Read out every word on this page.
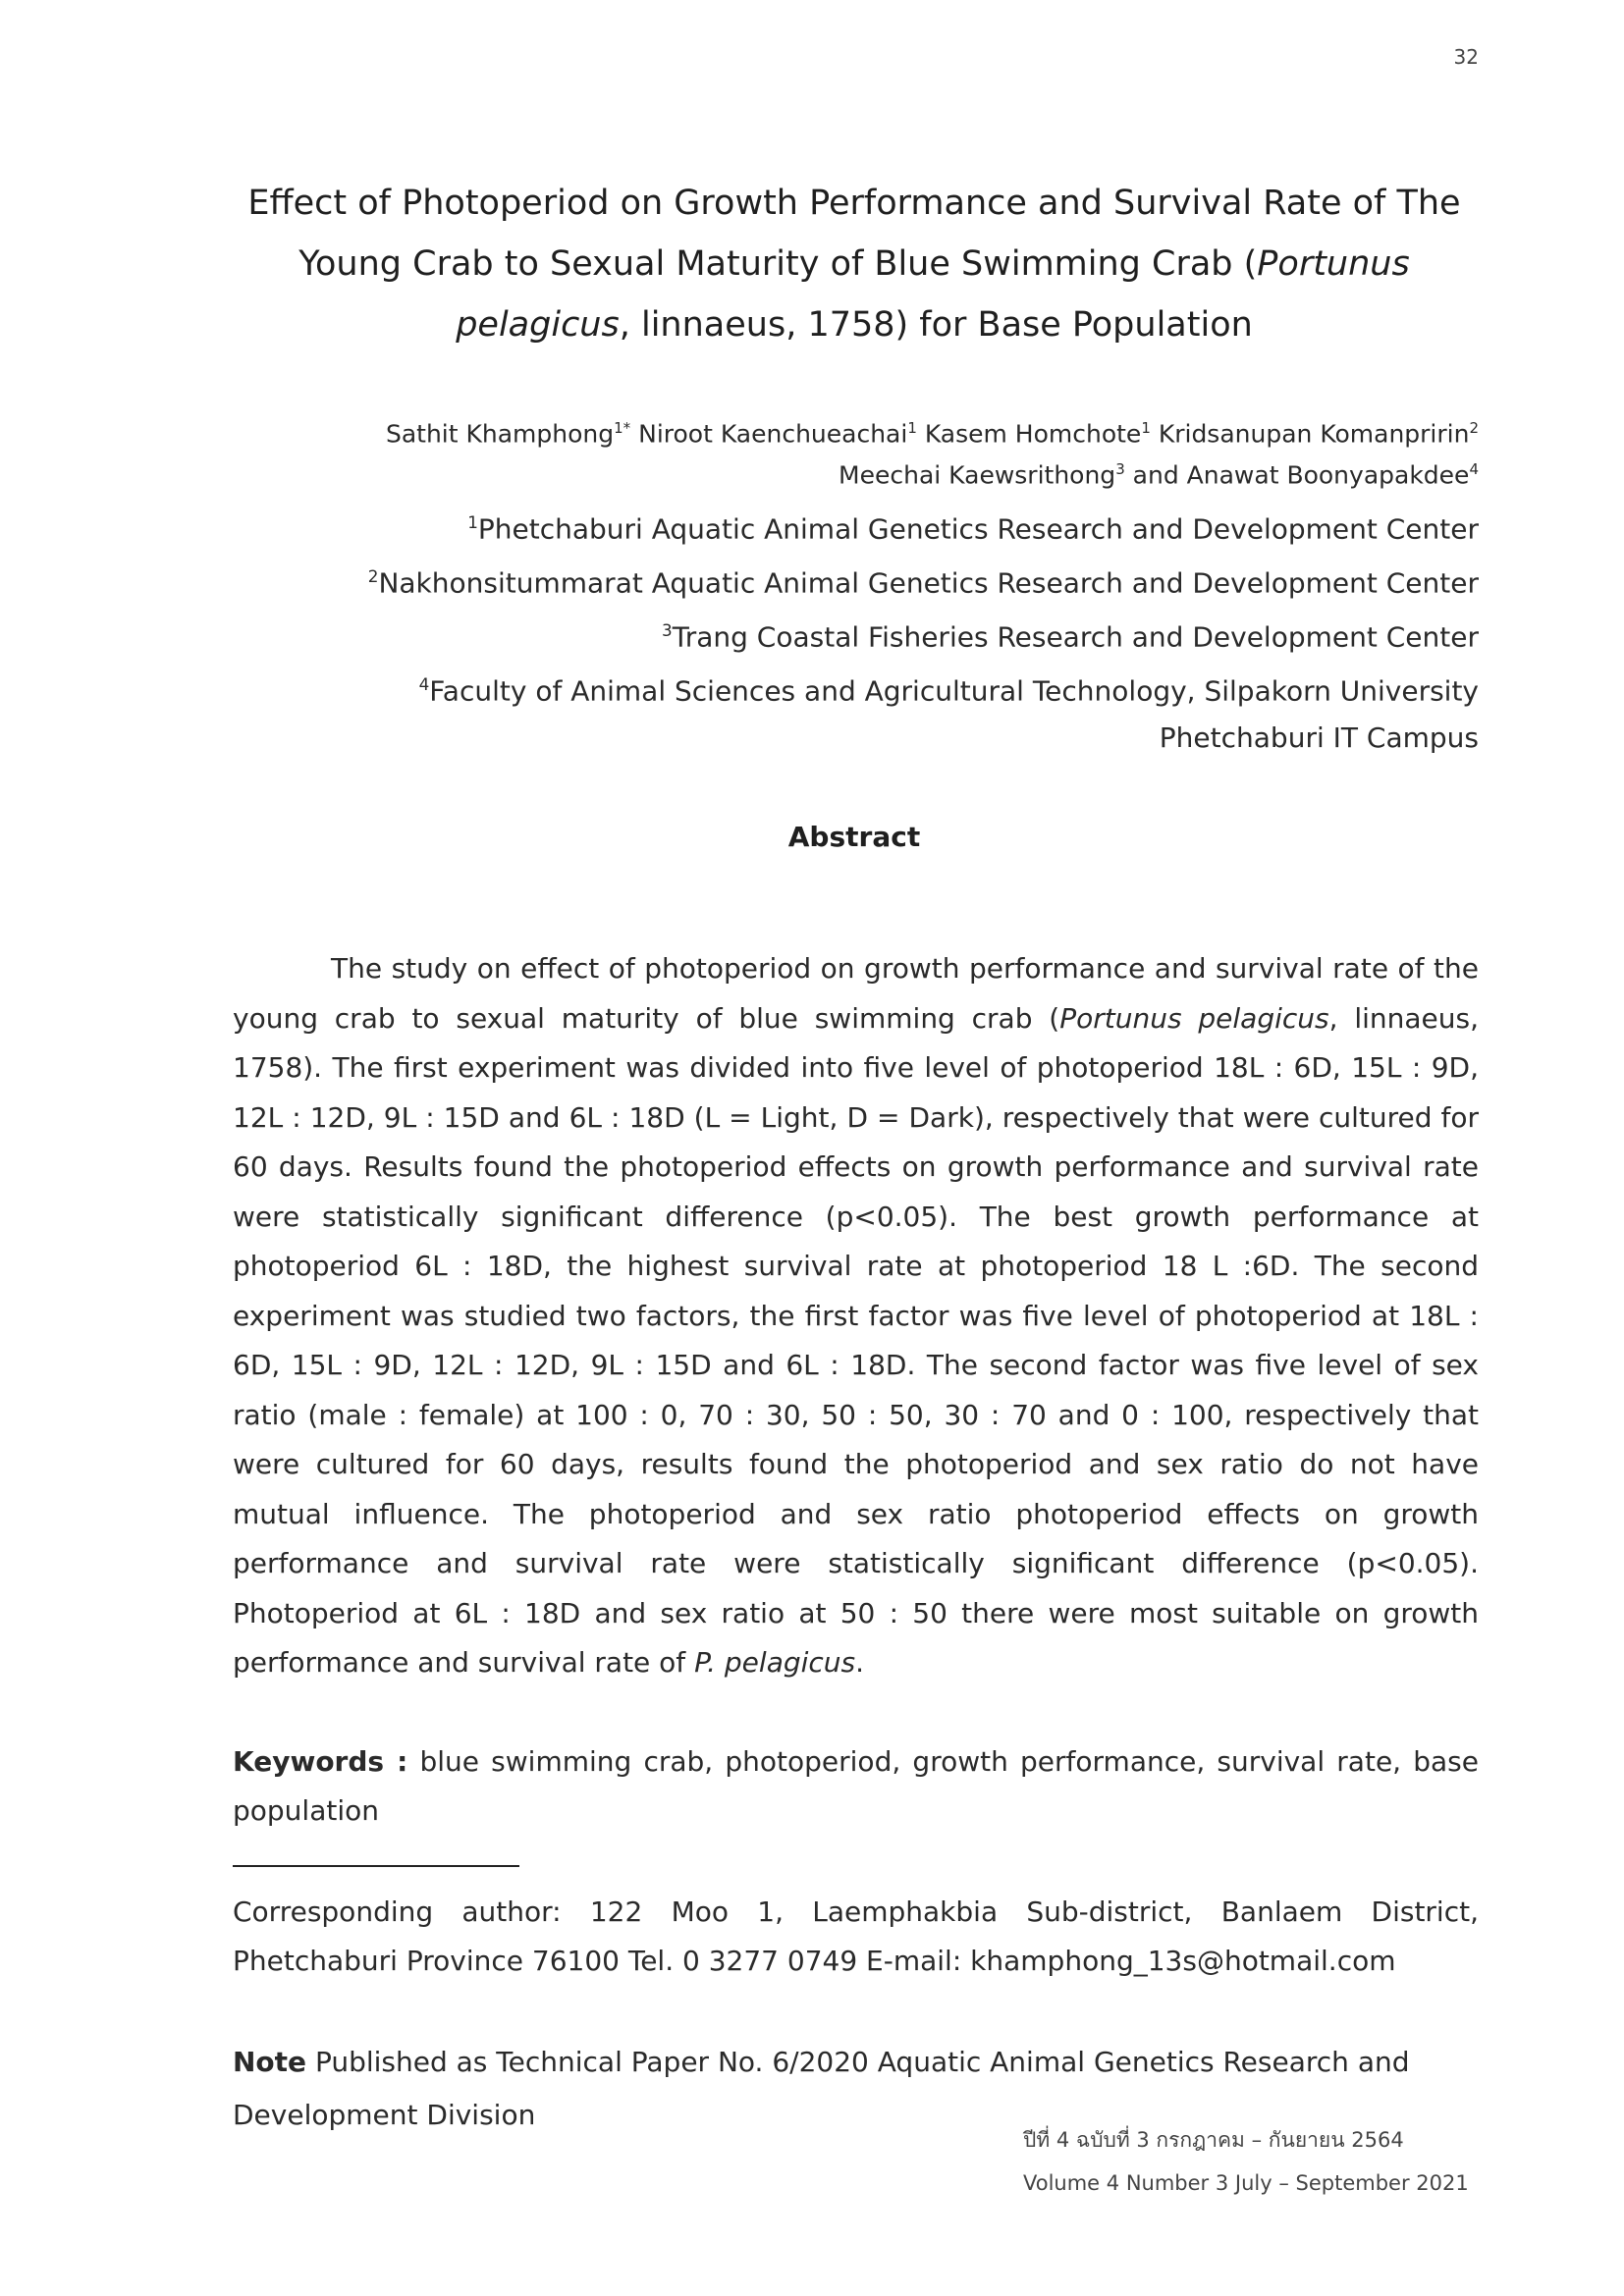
32
Effect of Photoperiod on Growth Performance and Survival Rate of The
Young Crab to Sexual Maturity of Blue Swimming Crab (Portunus
pelagicus, linnaeus, 1758) for Base Population
Sathit Khamphong$^{1*}$ Niroot Kaenchueachai$^1$ Kasem Homchote$^1$ Kridsanupan Komanpririn$^2$
Meechai Kaewsrithong$^3$ and Anawat Boonyapakdee$^4$
$^1$Phetchaburi Aquatic Animal Genetics Research and Development Center
$^2$Nakhonsitummarat Aquatic Animal Genetics Research and Development Center
$^3$Trang Coastal Fisheries Research and Development Center
$^4$Faculty of Animal Sciences and Agricultural Technology, Silpakorn University
Phetchaburi IT Campus
Abstract
The study on effect of photoperiod on growth performance and survival rate of the young crab to sexual maturity of blue swimming crab (Portunus pelagicus, linnaeus, 1758). The first experiment was divided into five level of photoperiod 18L : 6D, 15L : 9D, 12L : 12D, 9L : 15D and 6L : 18D (L = Light, D = Dark), respectively that were cultured for 60 days. Results found the photoperiod effects on growth performance and survival rate were statistically significant difference (p<0.05). The best growth performance at photoperiod 6L : 18D, the highest survival rate at photoperiod 18 L :6D. The second experiment was studied two factors, the first factor was five level of photoperiod at 18L : 6D, 15L : 9D, 12L : 12D, 9L : 15D and 6L : 18D. The second factor was five level of sex ratio (male : female) at 100 : 0, 70 : 30, 50 : 50, 30 : 70 and 0 : 100, respectively that were cultured for 60 days, results found the photoperiod and sex ratio do not have mutual influence. The photoperiod and sex ratio photoperiod effects on growth performance and survival rate were statistically significant difference (p<0.05). Photoperiod at 6L : 18D and sex ratio at 50 : 50 there were most suitable on growth performance and survival rate of P. pelagicus.
Keywords : blue swimming crab, photoperiod, growth performance, survival rate, base population
Corresponding author: 122 Moo 1, Laemphakbia Sub-district, Banlaem District, Phetchaburi Province 76100 Tel. 0 3277 0749 E-mail: khamphong_13s@hotmail.com
Note Published as Technical Paper No. 6/2020 Aquatic Animal Genetics Research and Development Division
ปีที่ 4 ฉบับที่ 3 กรกฎาคม – กันยายน 2564
Volume 4 Number 3 July – September 2021
